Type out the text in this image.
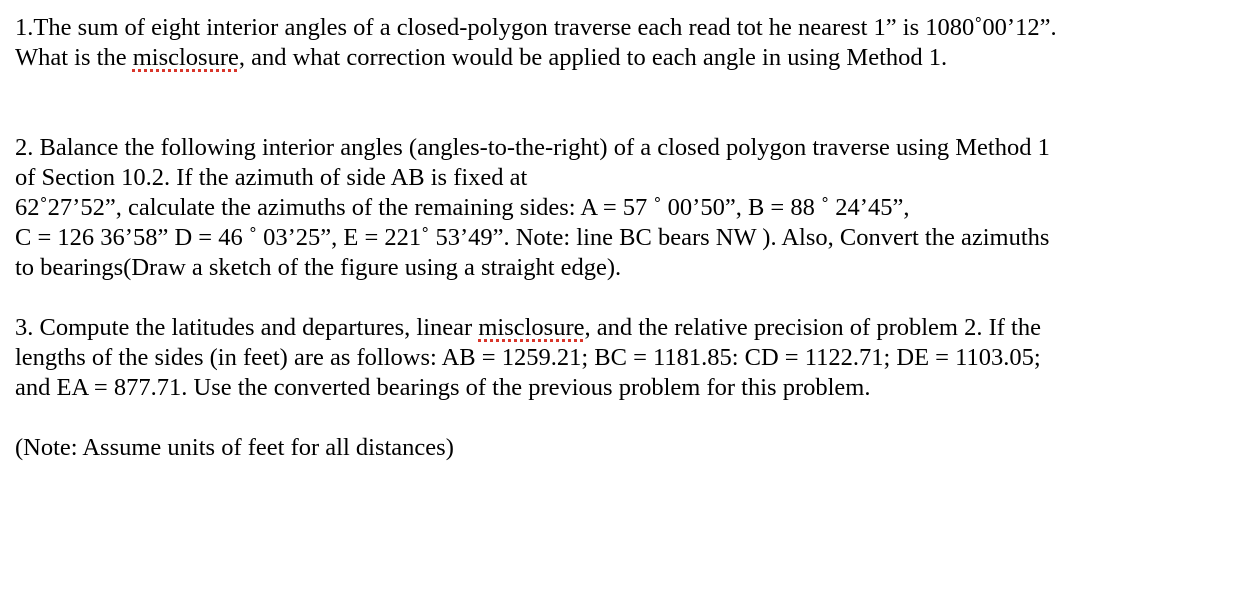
1.The sum of eight interior angles of a closed-polygon traverse each read tot he nearest 1” is 1080˚00’12”.
What is the misclosure, and what correction would be applied to each angle in using Method 1.
2. Balance the following interior angles (angles-to-the-right) of a closed polygon traverse using Method 1
of Section 10.2. If the azimuth of side AB is fixed at
62˚27’52”, calculate the azimuths of the remaining sides: A = 57 ˚ 00’50”, B = 88 ˚ 24’45”,
C = 126 36’58” D = 46 ˚ 03’25”, E = 221˚ 53’49”. Note: line BC bears NW ). Also, Convert the azimuths
to bearings(Draw a sketch of the figure using a straight edge).
3. Compute the latitudes and departures, linear misclosure, and the relative precision of problem 2. If the
lengths of the sides (in feet) are as follows: AB = 1259.21; BC = 1181.85: CD = 1122.71; DE = 1103.05;
and EA = 877.71. Use the converted bearings of the previous problem for this problem.
(Note: Assume units of feet for all distances)
